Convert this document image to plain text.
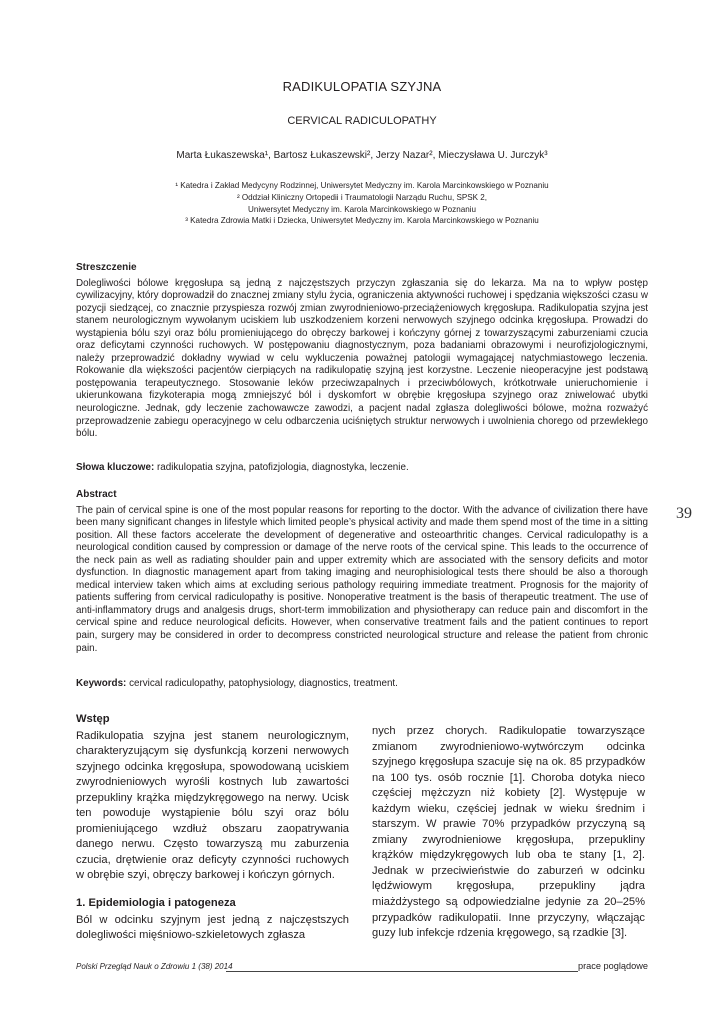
RADIKULOPATIA SZYJNA
CERVICAL RADICULOPATHY
Marta Łukaszewska¹, Bartosz Łukaszewski², Jerzy Nazar², Mieczysława U. Jurczyk³
¹ Katedra i Zakład Medycyny Rodzinnej, Uniwersytet Medyczny im. Karola Marcinkowskiego w Poznaniu
² Oddział Kliniczny Ortopedii i Traumatologii Narządu Ruchu, SPSK 2,
Uniwersytet Medyczny im. Karola Marcinkowskiego w Poznaniu
³ Katedra Zdrowia Matki i Dziecka, Uniwersytet Medyczny im. Karola Marcinkowskiego w Poznaniu
Streszczenie

Dolegliwości bólowe kręgosłupa są jedną z najczęstszych przyczyn zgłaszania się do lekarza. Ma na to wpływ postęp cywilizacyjny, który doprowadził do znacznej zmiany stylu życia, ograniczenia aktywności ruchowej i spędzania większości czasu w pozycji siedzącej, co znacznie przyspiesza rozwój zmian zwyrodnieniowo-przeciążeniowych kręgosłupa. Radikulopatia szyjna jest stanem neurologicznym wywołanym uciskiem lub uszkodzeniem korzeni nerwowych szyjnego odcinka kręgosłupa. Prowadzi do wystąpienia bólu szyi oraz bólu promieniującego do obręczy barkowej i kończyny górnej z towarzyszącymi zaburzeniami czucia oraz deficytami czynności ruchowych. W postępowaniu diagnostycznym, poza badaniami obrazowymi i neurofizjologicznymi, należy przeprowadzić dokładny wywiad w celu wykluczenia poważnej patologii wymagającej natychmiastowego leczenia. Rokowanie dla większości pacjentów cierpiących na radikulopatię szyjną jest korzystne. Leczenie nieoperacyjne jest podstawą postępowania terapeutycznego. Stosowanie leków przeciwzapalnych i przeciwbólowych, krótkotrwałe unieruchomienie i ukierunkowana fizykoterapia mogą zmniejszyć ból i dyskomfort w obrębie kręgosłupa szyjnego oraz zniwelować ubytki neurologiczne. Jednak, gdy leczenie zachowawcze zawodzi, a pacjent nadal zgłasza dolegliwości bólowe, można rozważyć przeprowadzenie zabiegu operacyjnego w celu odbarczenia uciśniętych struktur nerwowych i uwolnienia chorego od przewlekłego bólu.

Słowa kluczowe: radikulopatia szyjna, patofizjologia, diagnostyka, leczenie.
Abstract

The pain of cervical spine is one of the most popular reasons for reporting to the doctor. With the advance of civilization there have been many significant changes in lifestyle which limited people’s physical activity and made them spend most of the time in a sitting position. All these factors accelerate the development of degenerative and osteoarthritic changes. Cervical radiculopathy is a neurological condition caused by compression or damage of the nerve roots of the cervical spine. This leads to the occurrence of the neck pain as well as radiating shoulder pain and upper extremity which are associated with the sensory deficits and motor dysfunction. In diagnostic management apart from taking imaging and neurophisiological tests there should be also a thorough medical interview taken which aims at excluding serious pathology requiring immediate treatment. Prognosis for the majority of patients suffering from cervical radiculopathy is positive. Nonoperative treatment is the basis of therapeutic treatment. The use of anti-inflammatory drugs and analgesis drugs, short-term immobilization and physiotherapy can reduce pain and discomfort in the cervical spine and reduce neurological deficits. However, when conservative treatment fails and the patient continues to report pain, surgery may be considered in order to decompress constricted neurological structure and release the patient from chronic pain.

Keywords: cervical radiculopathy, patophysiology, diagnostics, treatment.
39
Wstęp

Radikulopatia szyjna jest stanem neurologicznym, charakteryzującym się dysfunkcją korzeni nerwowych szyjnego odcinka kręgosłupa, spowodowaną uciskiem zwyrodnieniowych wyrośli kostnych lub zawartości przepukliny krążka międzykręgowego na nerwy. Ucisk ten powoduje wystąpienie bólu szyi oraz bólu promieniującego wzdłuż obszaru zaopatrywania danego nerwu. Często towarzyszą mu zaburzenia czucia, drętwienie oraz deficyty czynności ruchowych w obrębie szyi, obręczy barkowej i kończyn górnych.

1. Epidemiologia i patogeneza

Ból w odcinku szyjnym jest jedną z najczęstszych dolegliwości mięśniowo-szkieletowych zgłasza

nych przez chorych. Radikulopatie towarzyszące zmianom zwyrodnieniowo-wytwórczym odcinka szyjnego kręgosłupa szacuje się na ok. 85 przypadków na 100 tys. osób rocznie [1]. Choroba dotyka nieco częściej mężczyzn niż kobiety [2]. Występuje w każdym wieku, częściej jednak w wieku średnim i starszym. W prawie 70% przypadków przyczyną są zmiany zwyrodnieniowe kręgosłupa, przepukliny krążków międzykręgowych lub oba te stany [1, 2]. Jednak w przeciwieństwie do zaburzeń w odcinku lędźwiowym kręgosłupa, przepukliny jądra miażdżystego są odpowiedzialne jedynie za 20–25% przypadków radikulopatii. Inne przyczyny, włączając guzy lub infekcje rdzenia kręgowego, są rzadkie [3].

Polski Przegląd Nauk o Zdrowiu 1 (38) 2014	prace poglądowe
